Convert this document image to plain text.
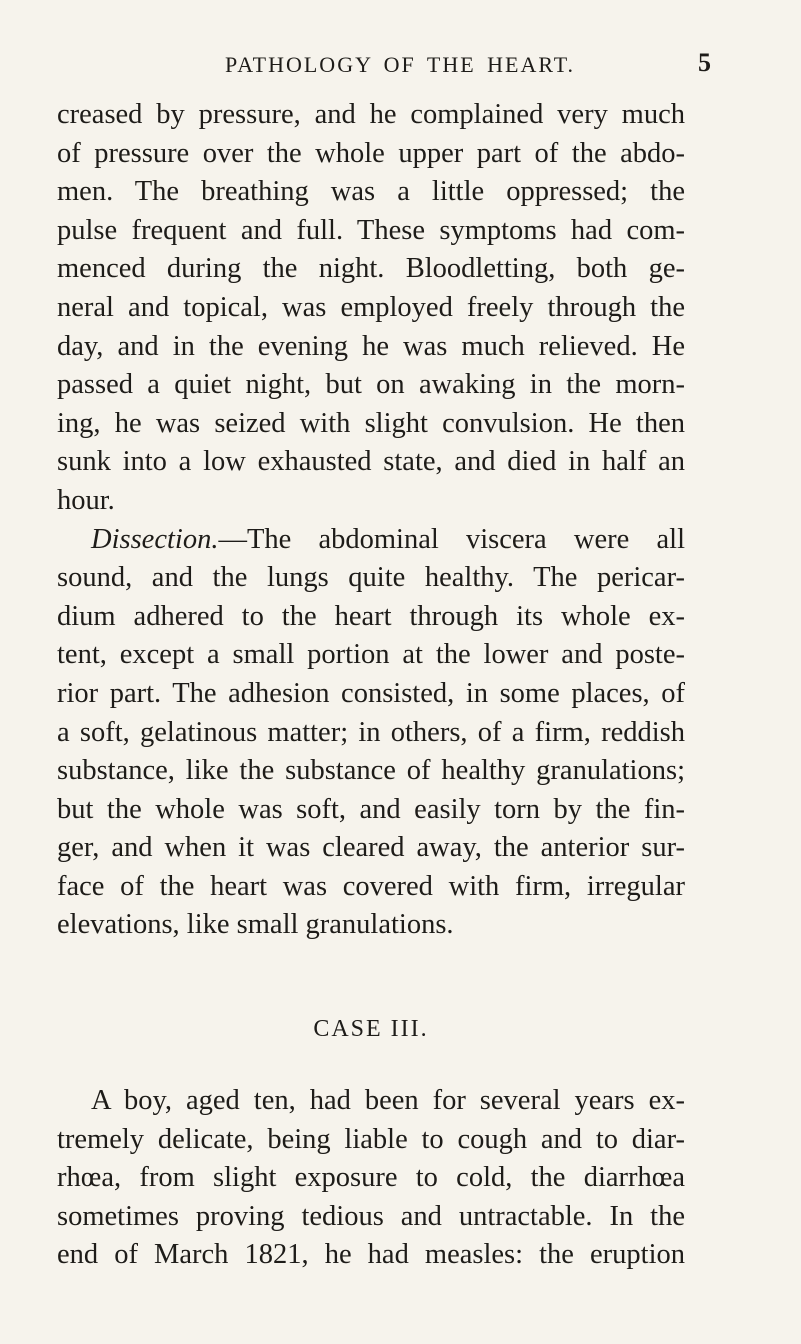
PATHOLOGY OF THE HEART.	5
creased by pressure, and he complained very much
of pressure over the whole upper part of the abdo-
men. The breathing was a little oppressed; the
pulse frequent and full. These symptoms had com-
menced during the night. Bloodletting, both ge-
neral and topical, was employed freely through the
day, and in the evening he was much relieved. He
passed a quiet night, but on awaking in the morn-
ing, he was seized with slight convulsion. He then
sunk into a low exhausted state, and died in half an
hour.
Dissection.—The abdominal viscera were all
sound, and the lungs quite healthy. The pericar-
dium adhered to the heart through its whole ex-
tent, except a small portion at the lower and poste-
rior part. The adhesion consisted, in some places, of
a soft, gelatinous matter; in others, of a firm, reddish
substance, like the substance of healthy granulations;
but the whole was soft, and easily torn by the fin-
ger, and when it was cleared away, the anterior sur-
face of the heart was covered with firm, irregular
elevations, like small granulations.
CASE III.
A boy, aged ten, had been for several years ex-
tremely delicate, being liable to cough and to diar-
rhœa, from slight exposure to cold, the diarrhœa
sometimes proving tedious and untractable. In the
end of March 1821, he had measles: the eruption
